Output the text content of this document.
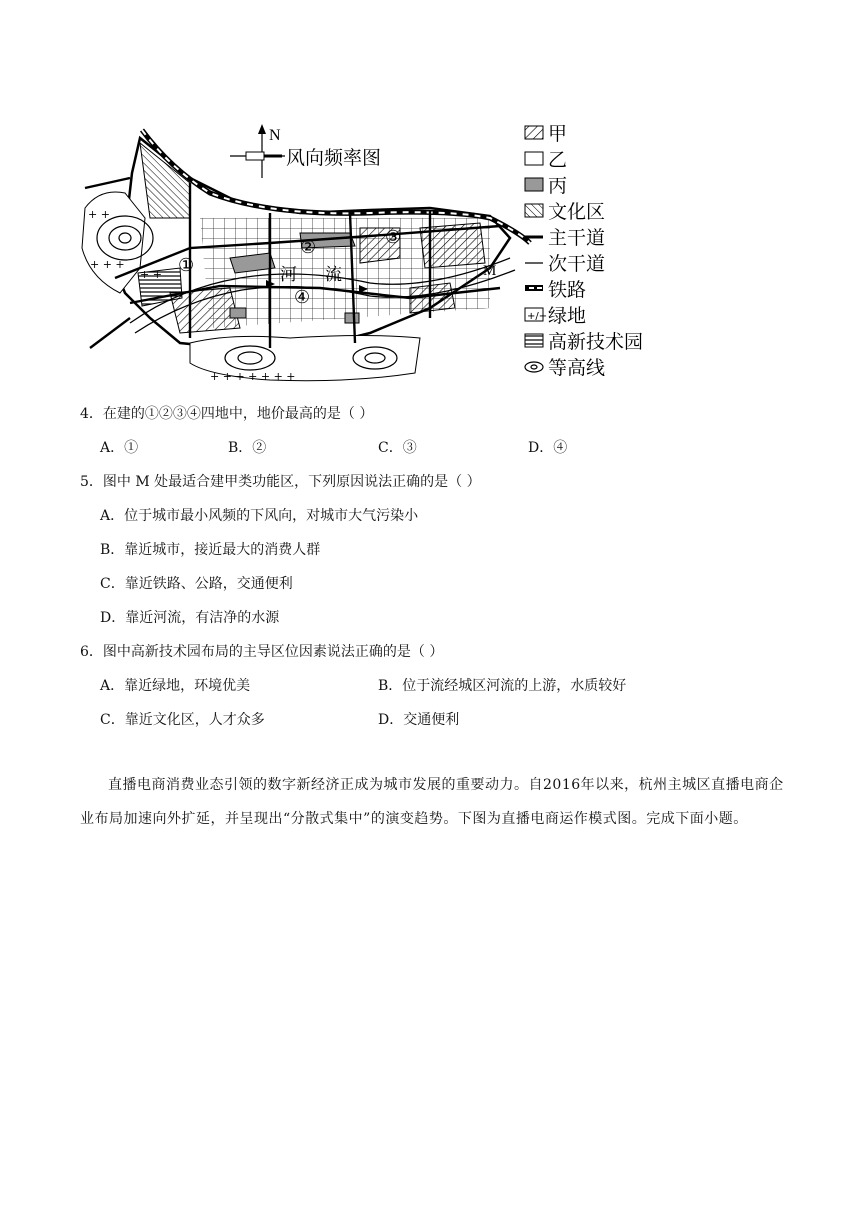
N
风向频率图
+ +
+ + +
+ + + + + + +
河 流
①
②	③
④
M
甲
乙
丙
文化区
主干道
次干道
铁路
+/+ 绿地
高新技术园
等高线
4．在建的①②③④四地中，地价最高的是（ ）
A．①	B．②	C．③	D．④
5．图中 M 处最适合建甲类功能区，下列原因说法正确的是（ ）
A．位于城市最小风频的下风向，对城市大气污染小
B．靠近城市，接近最大的消费人群
C．靠近铁路、公路，交通便利
D．靠近河流，有洁净的水源
6．图中高新技术园布局的主导区位因素说法正确的是（ ）
A．靠近绿地，环境优美	B．位于流经城区河流的上游，水质较好
C．靠近文化区，人才众多	D．交通便利
直播电商消费业态引领的数字新经济正成为城市发展的重要动力。自2016年以来，杭州主城区直播电商企业布局加速向外扩延，并呈现出“分散式集中”的演变趋势。下图为直播电商运作模式图。完成下面小题。
